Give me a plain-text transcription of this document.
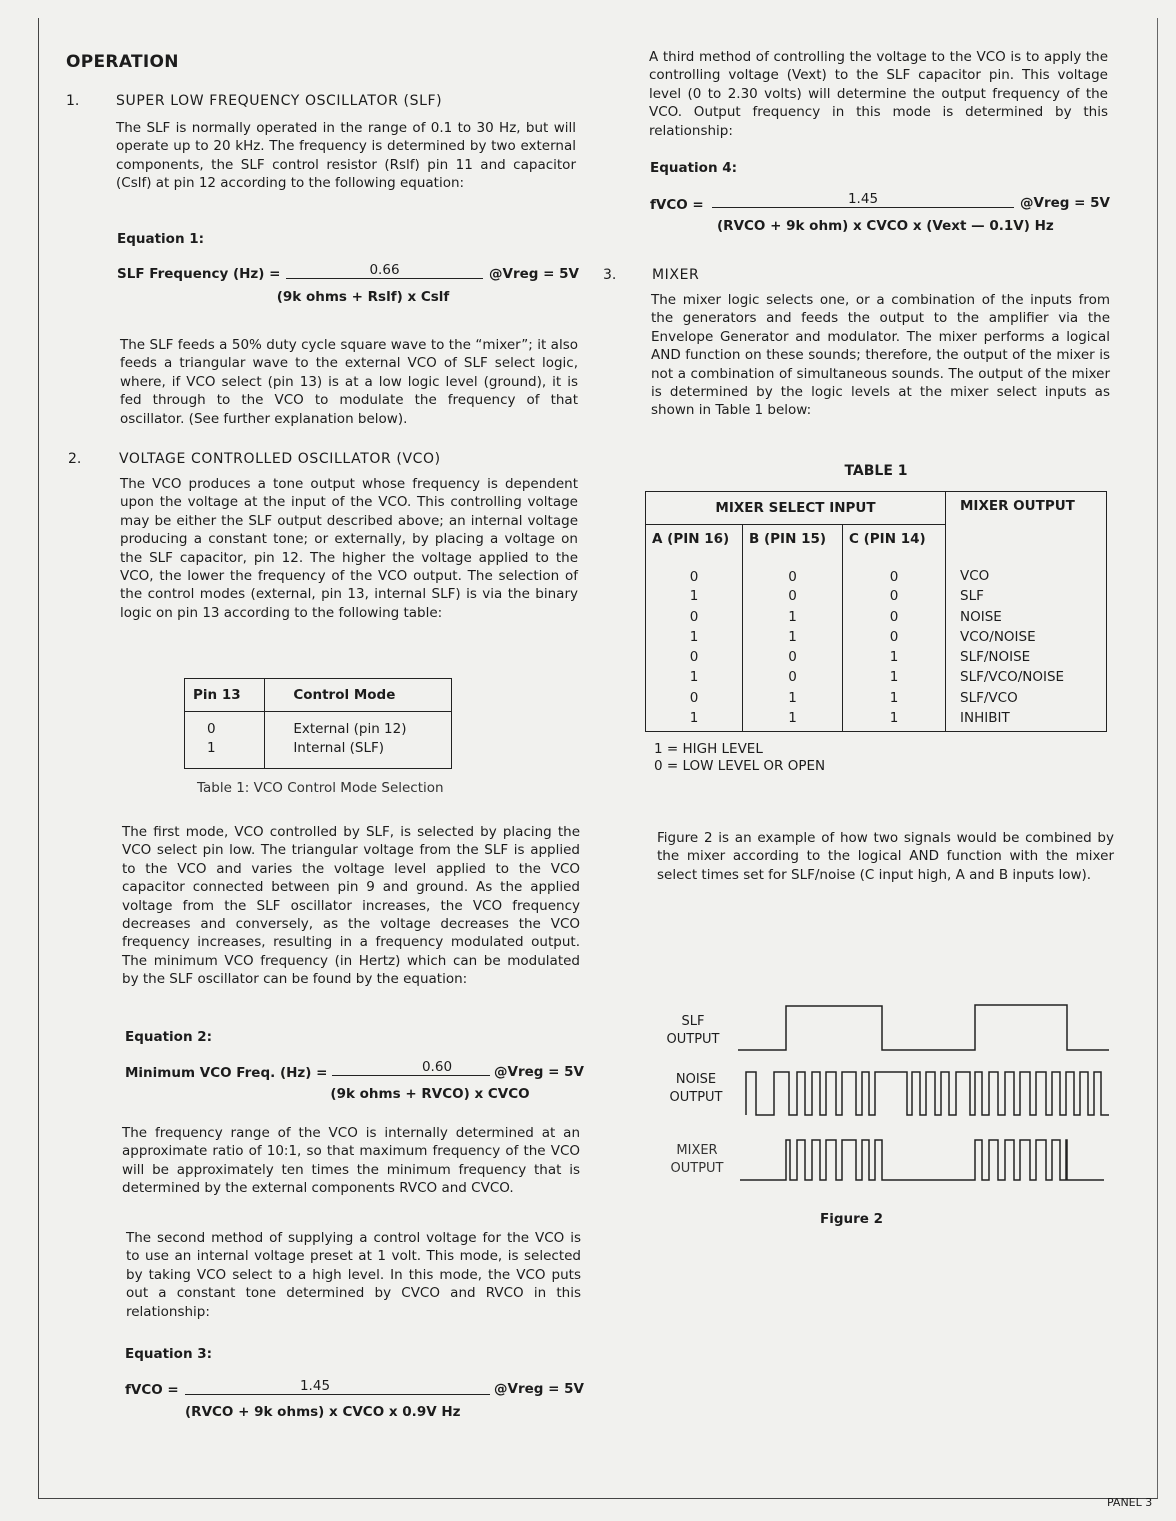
OPERATION
1.	SUPER LOW FREQUENCY OSCILLATOR (SLF)

The SLF is normally operated in the range of 0.1 to 30 Hz, but will operate up to 20 kHz. The frequency is determined by two external components, the SLF control resistor (Rslf) pin 11 and capacitor (Cslf) at pin 12 according to the following equation:

Equation 1:
SLF Frequency (Hz) =	0.66	@Vreg = 5V
(9k ohms + Rslf) x Cslf

The SLF feeds a 50% duty cycle square wave to the “mixer”; it also feeds a triangular wave to the external VCO of SLF select logic, where, if VCO select (pin 13) is at a low logic level (ground), it is fed through to the VCO to modulate the frequency of that oscillator. (See further explanation below).

2.	VOLTAGE CONTROLLED OSCILLATOR (VCO)

The VCO produces a tone output whose frequency is dependent upon the voltage at the input of the VCO. This controlling voltage may be either the SLF output described above; an internal voltage producing a constant tone; or externally, by placing a voltage on the SLF capacitor, pin 12. The higher the voltage applied to the VCO, the lower the frequency of the VCO output. The selection of the control modes (external, pin 13, internal SLF) is via the binary logic on pin 13 according to the following table:

Pin 13	Control Mode
0	External (pin 12)
1	Internal (SLF)
Table 1: VCO Control Mode Selection

The first mode, VCO controlled by SLF, is selected by placing the VCO select pin low. The triangular voltage from the SLF is applied to the VCO and varies the voltage level applied to the VCO capacitor connected between pin 9 and ground. As the applied voltage from the SLF oscillator increases, the VCO frequency decreases and conversely, as the voltage decreases the VCO frequency increases, resulting in a frequency modulated output. The minimum VCO frequency (in Hertz) which can be modulated by the SLF oscillator can be found by the equation:

Equation 2:
Minimum VCO Freq. (Hz) =	0.60	@Vreg = 5V
(9k ohms + RVCO) x CVCO

The frequency range of the VCO is internally determined at an approximate ratio of 10:1, so that maximum frequency of the VCO will be approximately ten times the minimum frequency that is determined by the external components RVCO and CVCO.

The second method of supplying a control voltage for the VCO is to use an internal voltage preset at 1 volt. This mode, is selected by taking VCO select to a high level. In this mode, the VCO puts out a constant tone determined by CVCO and RVCO in this relationship:

Equation 3:
fVCO =	1.45	@Vreg = 5V
(RVCO + 9k ohms) x CVCO x 0.9V Hz

A third method of controlling the voltage to the VCO is to apply the controlling voltage (Vext) to the SLF capacitor pin. This voltage level (0 to 2.30 volts) will determine the output frequency of the VCO. Output frequency in this mode is determined by this relationship:

Equation 4:
fVCO =	1.45	@Vreg = 5V
(RVCO + 9k ohm) x CVCO x (Vext — 0.1V) Hz
3.	MIXER

The mixer logic selects one, or a combination of the inputs from the generators and feeds the output to the amplifier via the Envelope Generator and modulator. The mixer performs a logical AND function on these sounds; therefore, the output of the mixer is not a combination of simultaneous sounds. The output of the mixer is determined by the logic levels at the mixer select inputs as shown in Table 1 below:

TABLE 1
MIXER SELECT INPUT			MIXER OUTPUT
A (PIN 16)	B (PIN 15)	C (PIN 14)	
0	0	0	VCO
1	0	0	SLF
0	1	0	NOISE
1	1	0	VCO/NOISE
0	0	1	SLF/NOISE
1	0	1	SLF/VCO/NOISE
0	1	1	SLF/VCO
1	1	1	INHIBIT
1 = HIGH LEVEL
0 = LOW LEVEL OR OPEN

Figure 2 is an example of how two signals would be combined by the mixer according to the logical AND function with the mixer select times set for SLF/noise (C input high, A and B inputs low).

SLF
OUTPUT
NOISE
OUTPUT
MIXER
OUTPUT
Figure 2
PANEL 3
